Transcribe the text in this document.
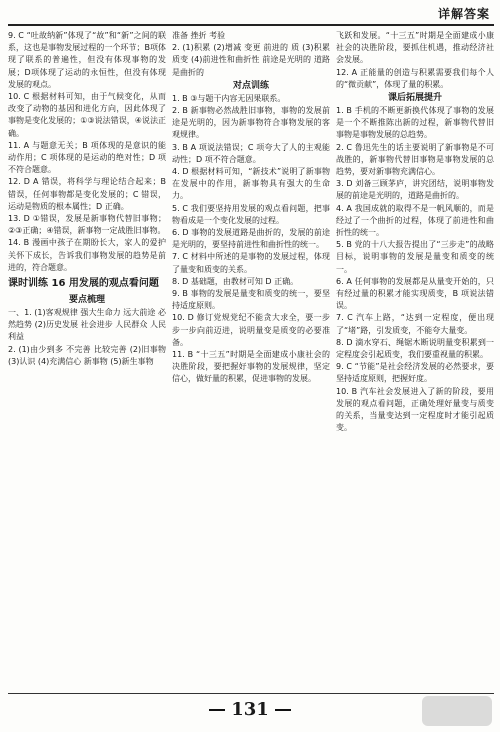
详解答案

9. C “吐故纳新”体现了“故”和“新”之间的联系，这也是事物发展过程的一个环节；B项体现了联系的普遍性，但没有体现事物的发展；D项体现了运动的永恒性，但没有体现发展的观点。

10. C 根据材料可知，由于气候变化，从而改变了动物的基因和进化方向，因此体现了事物是变化发展的；①③说法错误，④说法正确。

11. A 与题意无关；B 项体现的是意识的能动作用；C 项体现的是运动的绝对性；D 项不符合题意。

12. D A 错误，将科学与理论结合起来；B 错误，任何事物都是变化发展的；C 错误，运动是物质的根本属性；D 正确。

13. D ①错误，发展是新事物代替旧事物；②③正确；④错误，新事物一定战胜旧事物。

14. B 漫画中孩子在期盼长大，家人的爱护关怀下成长，告诉我们事物发展的趋势是前进的，符合题意。

课时训练 16 用发展的观点看问题
要点梳理

一、1. (1)客观规律 强大生命力 远大前途 必然趋势 (2)历史发展 社会进步 人民群众 人民利益

2. (1)由少到多 不完善 比较完善 (2)旧事物 (3)认识 (4)充满信心 新事物 (5)新生事物

准备 挫折 考验

2. (1)积累 (2)增减 变更 前进的 质 (3)积累 质变 (4)前进性和曲折性 前途是光明的 道路是曲折的

对点训练

1. B ③与题干内容无因果联系。

2. B 新事物必然战胜旧事物，事物的发展前途是光明的，因为新事物符合事物发展的客观规律。

3. B A 项说法错误；C 项夸大了人的主观能动性；D 项不符合题意。

4. D 根据材料可知，“新技术”说明了新事物在发展中的作用，新事物具有强大的生命力。

5. C 我们要坚持用发展的观点看问题，把事物看成是一个变化发展的过程。

6. D 事物的发展道路是曲折的，发展的前途是光明的，要坚持前进性和曲折性的统一。

7. C 材料中所述的是事物的发展过程，体现了量变和质变的关系。

8. D 基础题，由教材可知 D 正确。

9. B 事物的发展是量变和质变的统一，要坚持适度原则。

10. D 修订党规党纪不能贪大求全，要一步步一步向前迈进，说明量变是质变的必要准备。

11. B “十三五”时期是全面建成小康社会的决胜阶段，要把握好事物的发展规律，坚定信心，做好量的积累，促进事物的发展。

飞跃和发展。“十三五”时期是全面建成小康社会的决胜阶段，要抓住机遇，推动经济社会发展。

12. A 正能量的创造与积累需要我们每个人的“微贡献”，体现了量的积累。

课后拓展提升

1. B 手机的不断更新换代体现了事物的发展是一个不断推陈出新的过程，新事物代替旧事物是事物发展的总趋势。

2. C 鲁迅先生的话主要说明了新事物是不可战胜的，新事物代替旧事物是事物发展的总趋势，要对新事物充满信心。

3. D 刘备三顾茅庐，讲究团结，说明事物发展的前途是光明的，道路是曲折的。

4. A 我国成就的取得不是一帆风顺的，而是经过了一个曲折的过程，体现了前进性和曲折性的统一。

5. B 党的十八大报告提出了“三步走”的战略目标，说明事物的发展是量变和质变的统一。

6. A 任何事物的发展都是从量变开始的，只有经过量的积累才能实现质变，B 项说法错误。

7. C 汽车上路，“达到一定程度，便出现了“堵”路，引发质变，不能夸大量变。

8. D 滴水穿石、绳锯木断说明量变积累到一定程度会引起质变，我们要重视量的积累。

9. C “节能”是社会经济发展的必然要求，要坚持适度原则，把握好度。

10. B 汽车社会发展进入了新的阶段，要用发展的观点看问题，正确处理好量变与质变的关系，当量变达到一定程度时才能引起质变。

131
